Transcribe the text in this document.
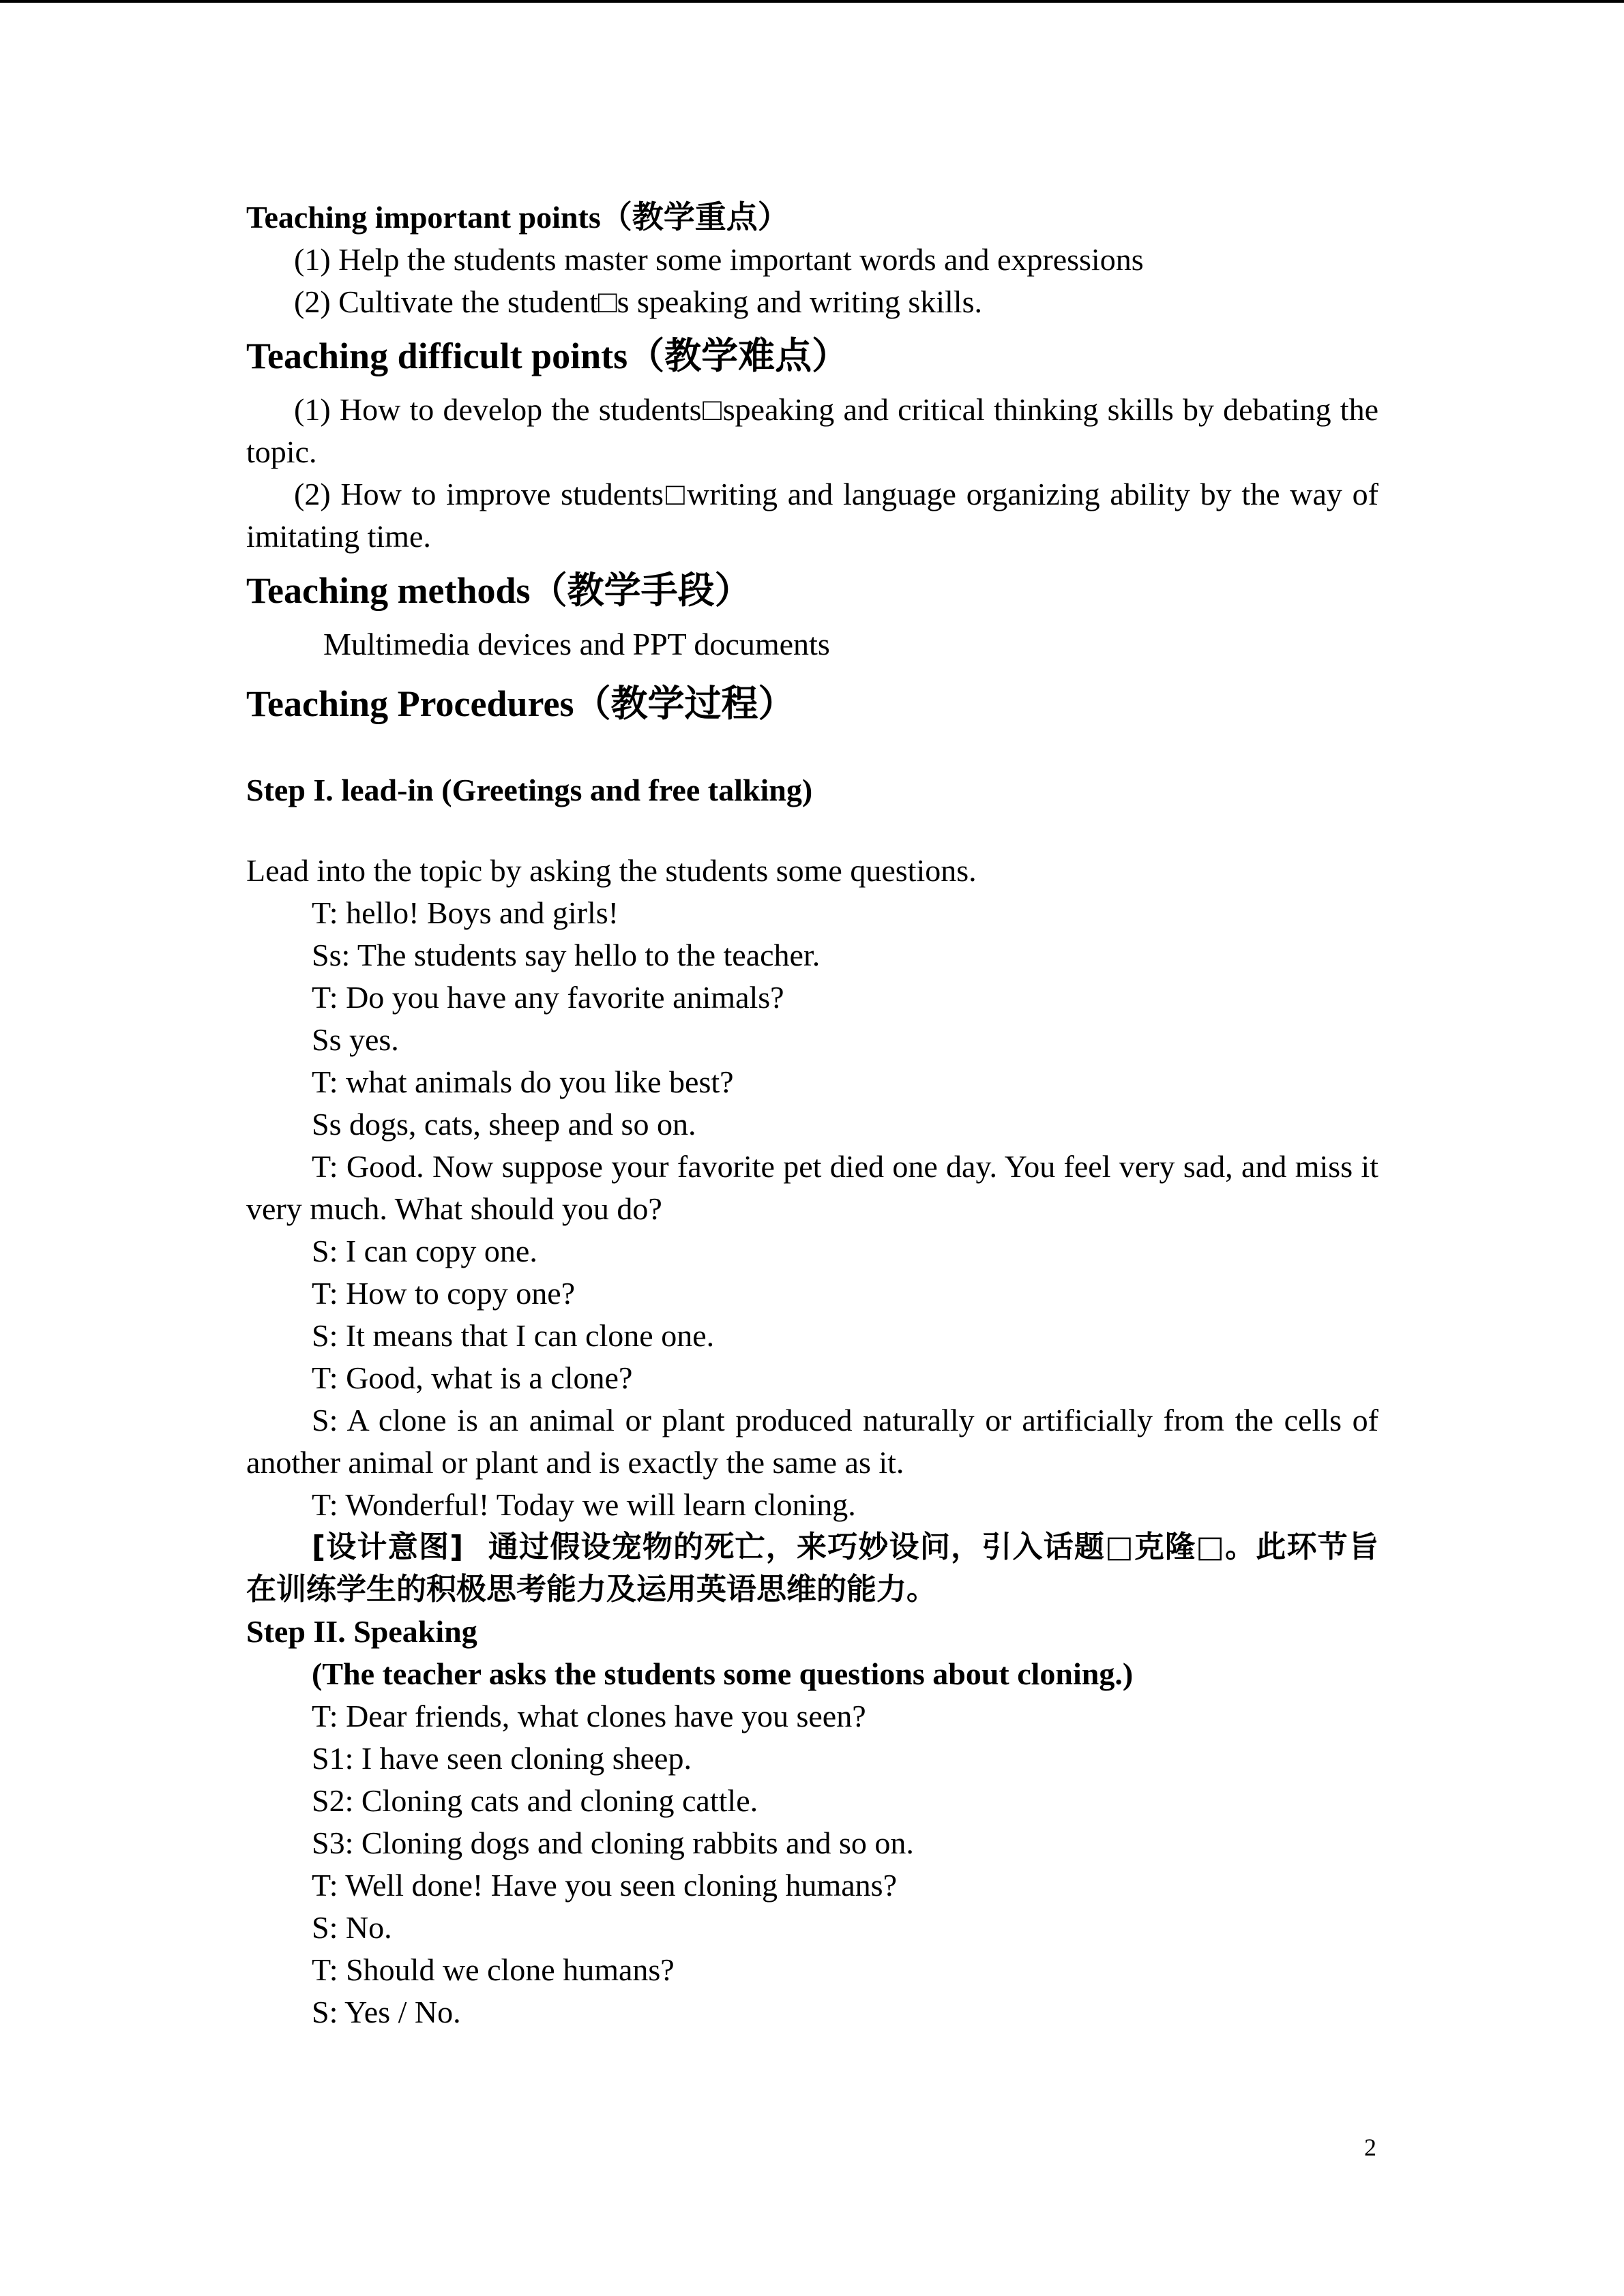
Teaching important points（教学重点）

(1) Help the students master some important words and expressions

(2) Cultivate the student□s speaking and writing skills.

Teaching difficult points（教学难点）

(1) How to develop the students□speaking and critical thinking skills by debating the topic.

(2) How to improve students□writing and language organizing ability by the way of imitating time.

Teaching methods（教学手段）

Multimedia devices and PPT documents

Teaching Procedures（教学过程）

Step I. lead-in (Greetings and free talking)

Lead into the topic by asking the students some questions.

T: hello! Boys and girls!

Ss: The students say hello to the teacher.

T: Do you have any favorite animals?

Ss yes.

T: what animals do you like best?

Ss dogs, cats, sheep and so on.

T: Good. Now suppose your favorite pet died one day. You feel very sad, and miss it very much. What should you do?

S: I can copy one.

T: How to copy one?

S: It means that I can clone one.

T: Good, what is a clone?

S: A clone is an animal or plant produced naturally or artificially from the cells of another animal or plant and is exactly the same as it.

T: Wonderful! Today we will learn cloning.

[设计意图] 通过假设宠物的死亡，来巧妙设问，引入话题□克隆□。此环节旨在训练学生的积极思考能力及运用英语思维的能力。

Step II. Speaking

(The teacher asks the students some questions about cloning.)

T: Dear friends, what clones have you seen?

S1: I have seen cloning sheep.

S2: Cloning cats and cloning cattle.

S3: Cloning dogs and cloning rabbits and so on.

T: Well done! Have you seen cloning humans?

S: No.

T: Should we clone humans?

S: Yes / No.

2
